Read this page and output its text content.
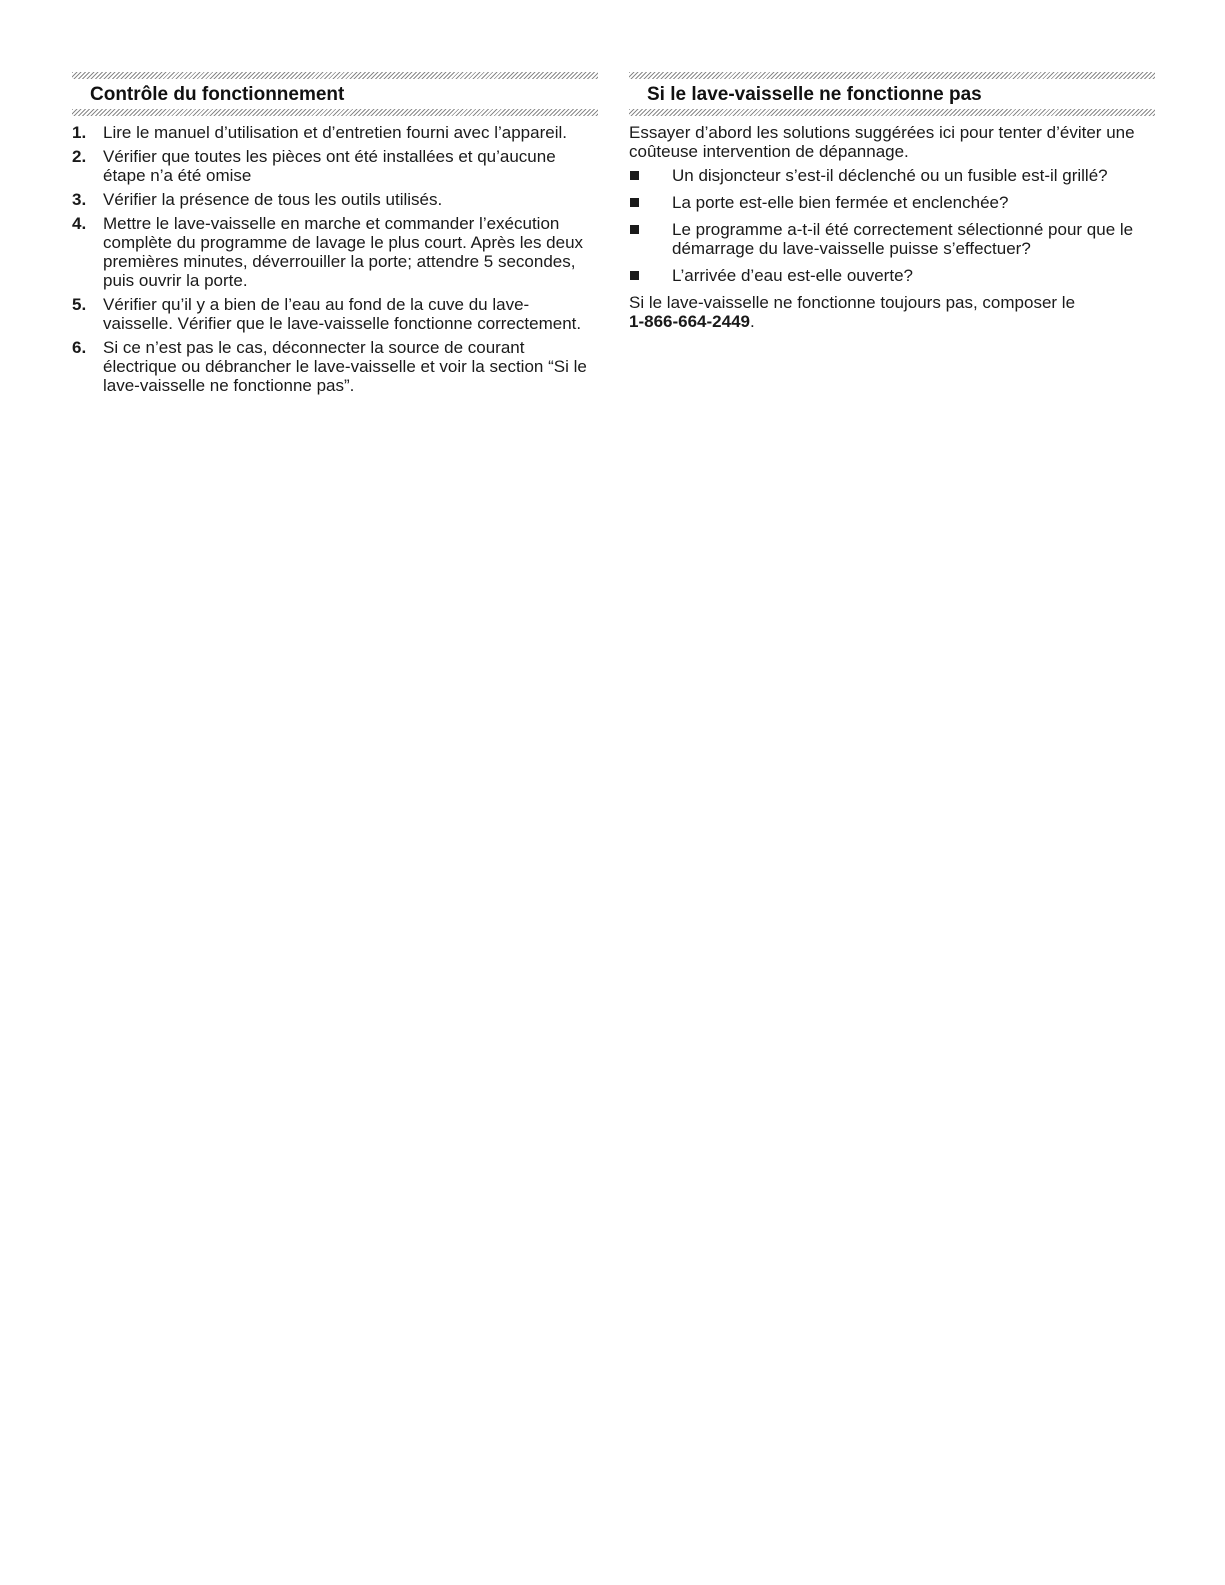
Contrôle du fonctionnement
1. Lire le manuel d’utilisation et d’entretien fourni avec l’appareil.
2. Vérifier que toutes les pièces ont été installées et qu’aucune étape n’a été omise
3. Vérifier la présence de tous les outils utilisés.
4. Mettre le lave-vaisselle en marche et commander l’exécution complète du programme de lavage le plus court. Après les deux premières minutes, déverrouiller la porte; attendre 5 secondes, puis ouvrir la porte.
5. Vérifier qu’il y a bien de l’eau au fond de la cuve du lave-vaisselle. Vérifier que le lave-vaisselle fonctionne correctement.
6. Si ce n’est pas le cas, déconnecter la source de courant électrique ou débrancher le lave-vaisselle et voir la section “Si le lave-vaisselle ne fonctionne pas”.
Si le lave-vaisselle ne fonctionne pas

Essayer d’abord les solutions suggérées ici pour tenter d’éviter une coûteuse intervention de dépannage.

Un disjoncteur s’est-il déclenché ou un fusible est-il grillé?
La porte est-elle bien fermée et enclenchée?
Le programme a-t-il été correctement sélectionné pour que le démarrage du lave-vaisselle puisse s’effectuer?
L’arrivée d’eau est-elle ouverte?

Si le lave-vaisselle ne fonctionne toujours pas, composer le
1-866-664-2449.
